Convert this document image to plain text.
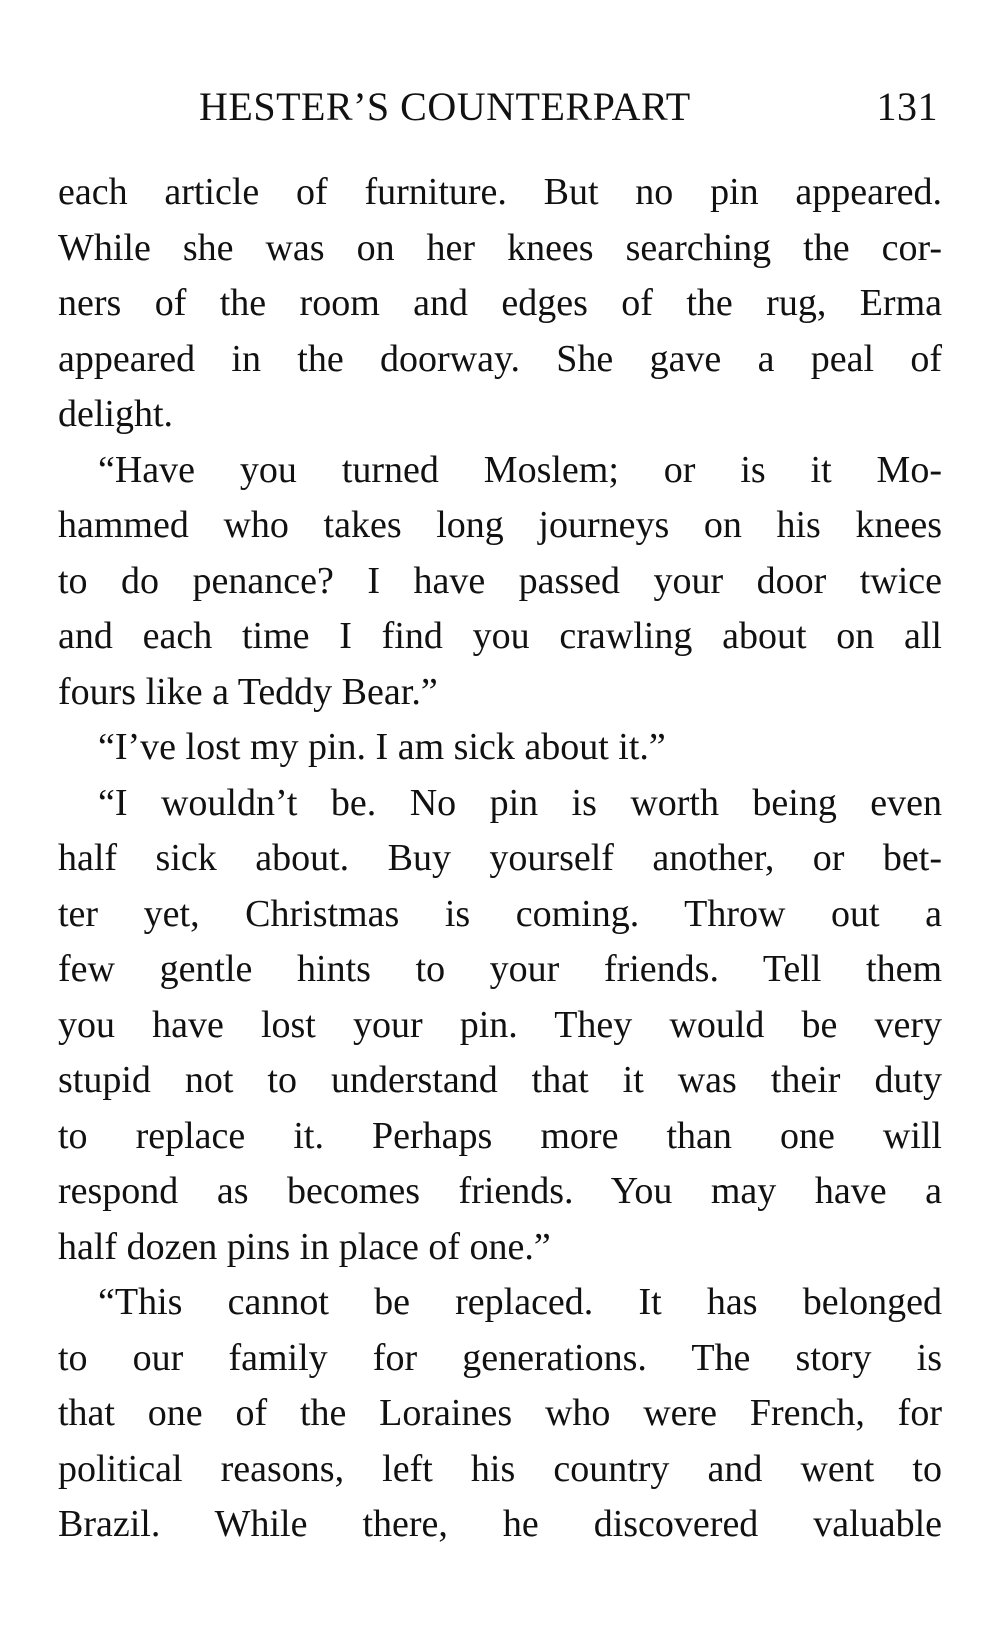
HESTER’S COUNTERPART	131
each article of furniture. But no pin appeared.
While she was on her knees searching the cor-
ners of the room and edges of the rug, Erma
appeared in the doorway. She gave a peal of
delight.
“Have you turned Moslem; or is it Mo-
hammed who takes long journeys on his knees
to do penance? I have passed your door twice
and each time I find you crawling about on all
fours like a Teddy Bear.”
“I’ve lost my pin. I am sick about it.”
“I wouldn’t be. No pin is worth being even
half sick about. Buy yourself another, or bet-
ter yet, Christmas is coming. Throw out a
few gentle hints to your friends. Tell them
you have lost your pin. They would be very
stupid not to understand that it was their duty
to replace it. Perhaps more than one will
respond as becomes friends. You may have a
half dozen pins in place of one.”
“This cannot be replaced. It has belonged
to our family for generations. The story is
that one of the Loraines who were French, for
political reasons, left his country and went to
Brazil. While there, he discovered valuable
